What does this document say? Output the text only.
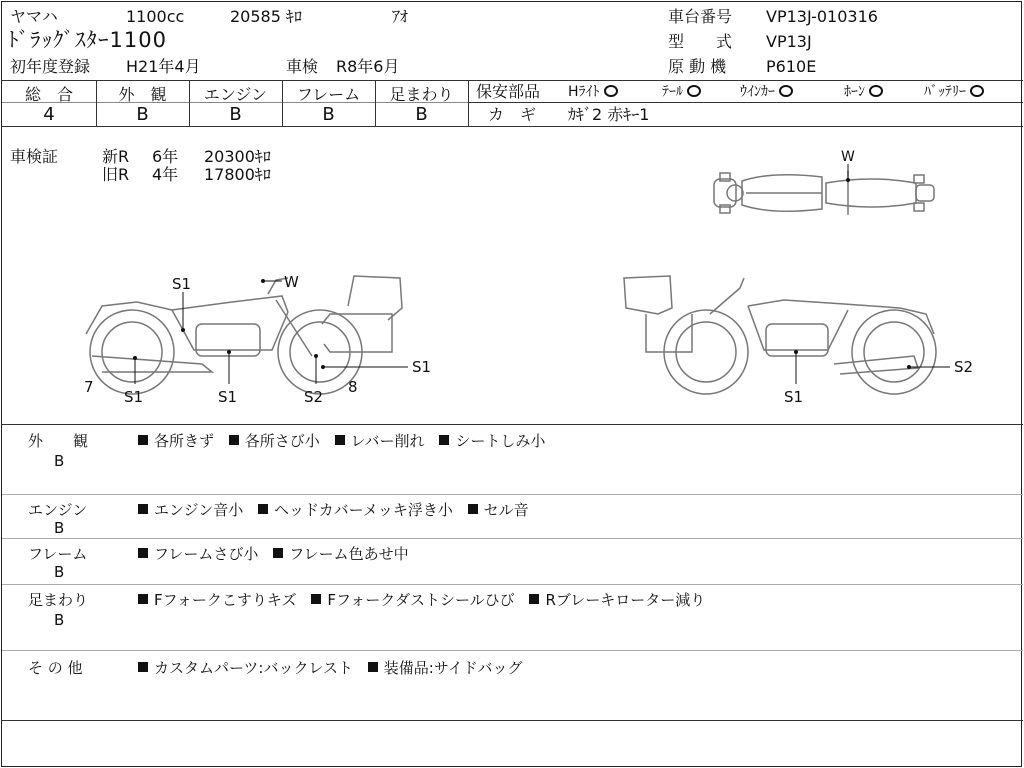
ヤマハ	1100cc	20585 ｷﾛ	ｱｵ	車台番号 VP13J-010316
ﾄﾞﾗｯｸﾞｽﾀｰ1100	型　　式 VP13J
初年度登録 H21年4月	車検 R8年6月	原 動 機 P610E
総　合	外　観	エンジン	フレーム	足まわり
4	B	B	B	B
保安部品 Hﾗｲﾄ	ﾃｰﾙ	ｳｲﾝｶｰ	ﾎｰﾝ	ﾊﾞｯﾃﾘｰ
カ　ギ ｶｷﾞ2 赤ｷｰ1
車検証	新R 6年 20300ｷﾛ
旧R 4年 17800ｷﾛ
W
S1	W
S1
S1	S2
S1
7	8
S2
S1
外　　観
B
各所きず 各所さび小 レバー削れ シートしみ小
エンジン
B
エンジン音小 ヘッドカバーメッキ浮き小 セル音
フレーム
B
フレームさび小 フレーム色あせ中
足まわり
B
Fフォークこすりキズ Fフォークダストシールひび Rブレーキローター減り
そ の 他	カスタムパーツ:バックレスト 装備品:サイドバッグ
